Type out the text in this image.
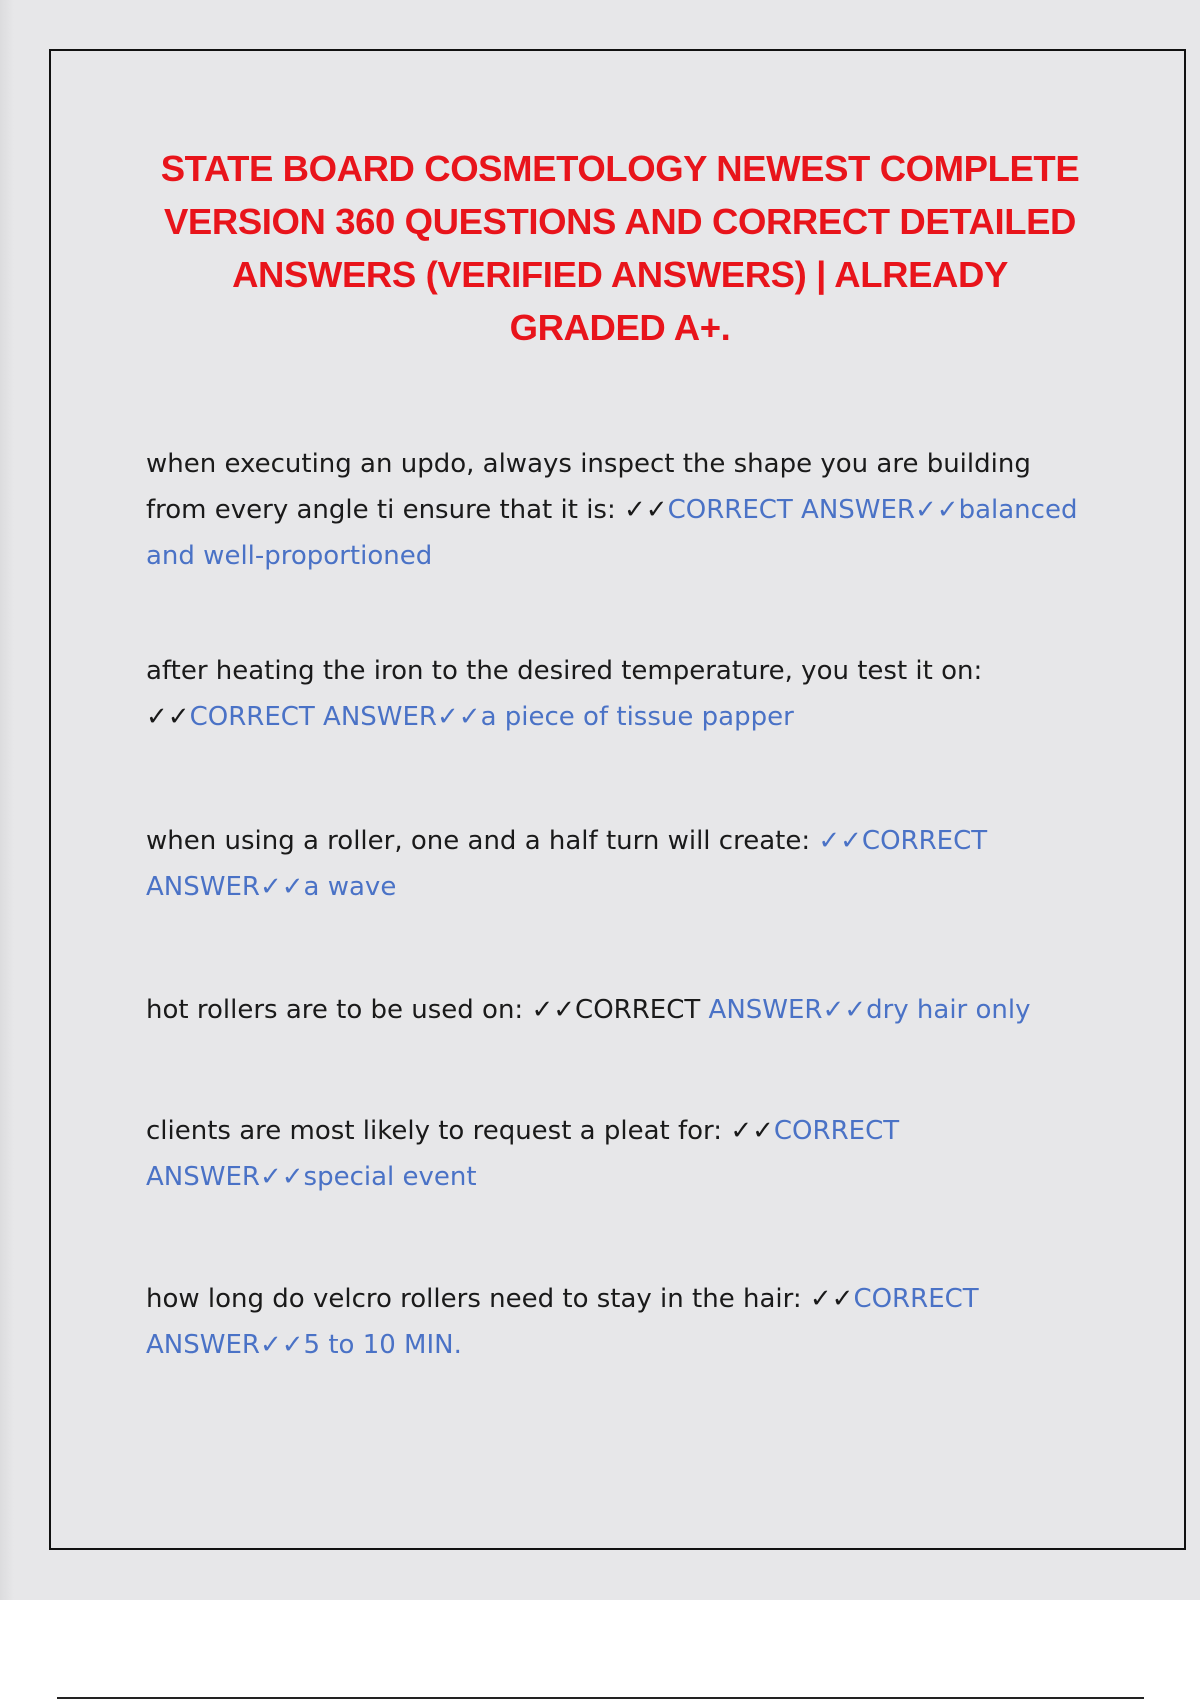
STATE BOARD COSMETOLOGY NEWEST COMPLETE
VERSION 360 QUESTIONS AND CORRECT DETAILED
ANSWERS (VERIFIED ANSWERS) | ALREADY
GRADED A+.

when executing an updo, always inspect the shape you are building from every angle ti ensure that it is: ✓✓CORRECT ANSWER✓✓balanced and well-proportioned

after heating the iron to the desired temperature, you test it on: ✓✓CORRECT ANSWER✓✓a piece of tissue papper

when using a roller, one and a half turn will create: ✓✓CORRECT ANSWER✓✓a wave

hot rollers are to be used on: ✓✓CORRECT ANSWER✓✓dry hair only

clients are most likely to request a pleat for: ✓✓CORRECT ANSWER✓✓special event

how long do velcro rollers need to stay in the hair: ✓✓CORRECT ANSWER✓✓5 to 10 MIN.
